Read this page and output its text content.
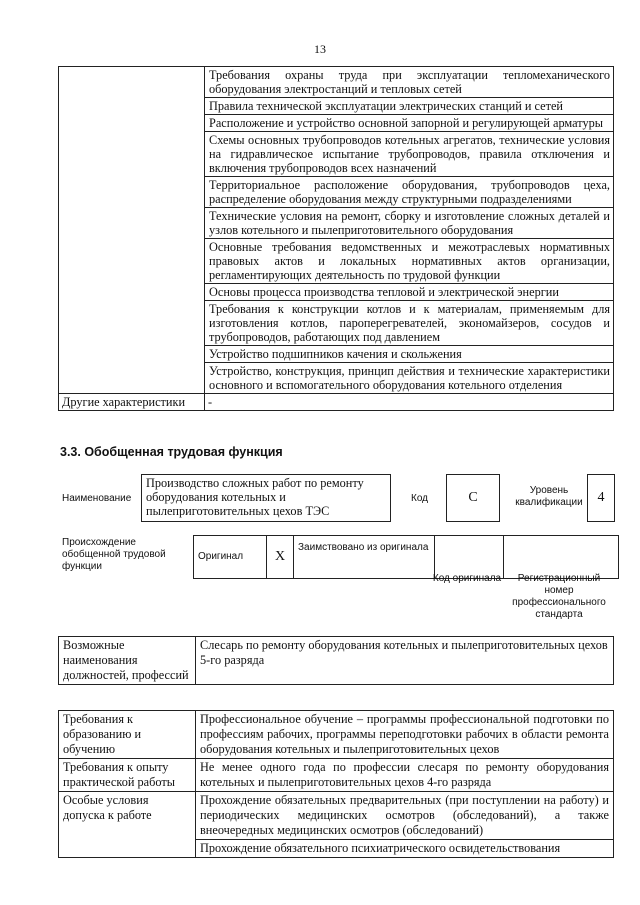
13
	Требования охраны труда при эксплуатации тепломеханического оборудования электростанций и тепловых сетей
	Правила технической эксплуатации электрических станций и сетей
	Расположение и устройство основной запорной и регулирующей арматуры
	Схемы основных трубопроводов котельных агрегатов, технические условия на гидравлическое испытание трубопроводов, правила отключения и включения трубопроводов всех назначений
	Территориальное расположение оборудования, трубопроводов цеха, распределение оборудования между структурными подразделениями
	Технические условия на ремонт, сборку и изготовление сложных деталей и узлов котельного и пылеприготовительного оборудования
	Основные требования ведомственных и межотраслевых нормативных правовых актов и локальных нормативных актов организации, регламентирующих деятельность по трудовой функции
	Основы процесса производства тепловой и электрической энергии
	Требования к конструкции котлов и к материалам, применяемым для изготовления котлов, пароперегревателей, экономайзеров, сосудов и трубопроводов, работающих под давлением
	Устройство подшипников качения и скольжения
	Устройство, конструкция, принцип действия и технические характеристики основного и вспомогательного оборудования котельного отделения
Другие характеристики	-
3.3. Обобщенная трудовая функция
Наименование
Производство сложных работ по ремонту оборудования котельных и пылеприготовительных цехов ТЭС
Код	C	Уровень квалификации	4
Происхождение обобщенной трудовой функции
Оригинал	X	Заимствовано из оригинала		
Код оригинала	Регистрационный номер профессионального стандарта
Возможные наименования должностей, профессий	Слесарь по ремонту оборудования котельных и пылеприготовительных цехов 5-го разряда
Требования к образованию и обучению	Профессиональное обучение – программы профессиональной подготовки по профессиям рабочих, программы переподготовки рабочих в области ремонта оборудования котельных и пылеприготовительных цехов
Требования к опыту практической работы	Не менее одного года по профессии слесаря по ремонту оборудования котельных и пылеприготовительных цехов 4-го разряда
Особые условия допуска к работе	Прохождение обязательных предварительных (при поступлении на работу) и периодических медицинских осмотров (обследований), а также внеочередных медицинских осмотров (обследований)
	Прохождение обязательного психиатрического освидетельствования
